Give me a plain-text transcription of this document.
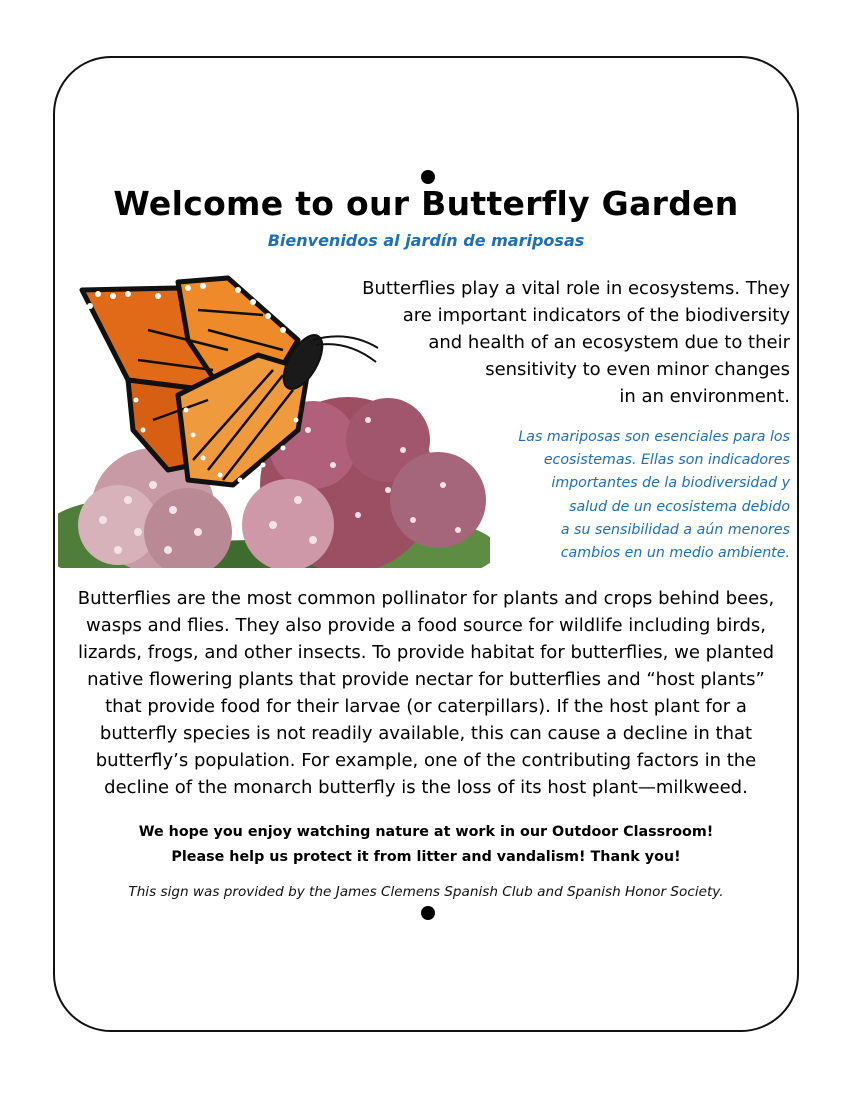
Welcome to our Butterfly Garden
Bienvenidos al jardín de mariposas
Butterflies play a vital role in ecosystems. They
are important indicators of the biodiversity
and health of an ecosystem due to their
sensitivity to even minor changes
in an environment.
Las mariposas son esenciales para los
ecosistemas. Ellas son indicadores
importantes de la biodiversidad y
salud de un ecosistema debido
a su sensibilidad a aún menores
cambios en un medio ambiente.
Butterflies are the most common pollinator for plants and crops behind bees,
wasps and flies. They also provide a food source for wildlife including birds,
lizards, frogs, and other insects. To provide habitat for butterflies, we planted
native flowering plants that provide nectar for butterflies and “host plants”
that provide food for their larvae (or caterpillars). If the host plant for a
butterfly species is not readily available, this can cause a decline in that
butterfly’s population. For example, one of the contributing factors in the
decline of the monarch butterfly is the loss of its host plant—milkweed.
We hope you enjoy watching nature at work in our Outdoor Classroom!
Please help us protect it from litter and vandalism! Thank you!
This sign was provided by the James Clemens Spanish Club and Spanish Honor Society.
